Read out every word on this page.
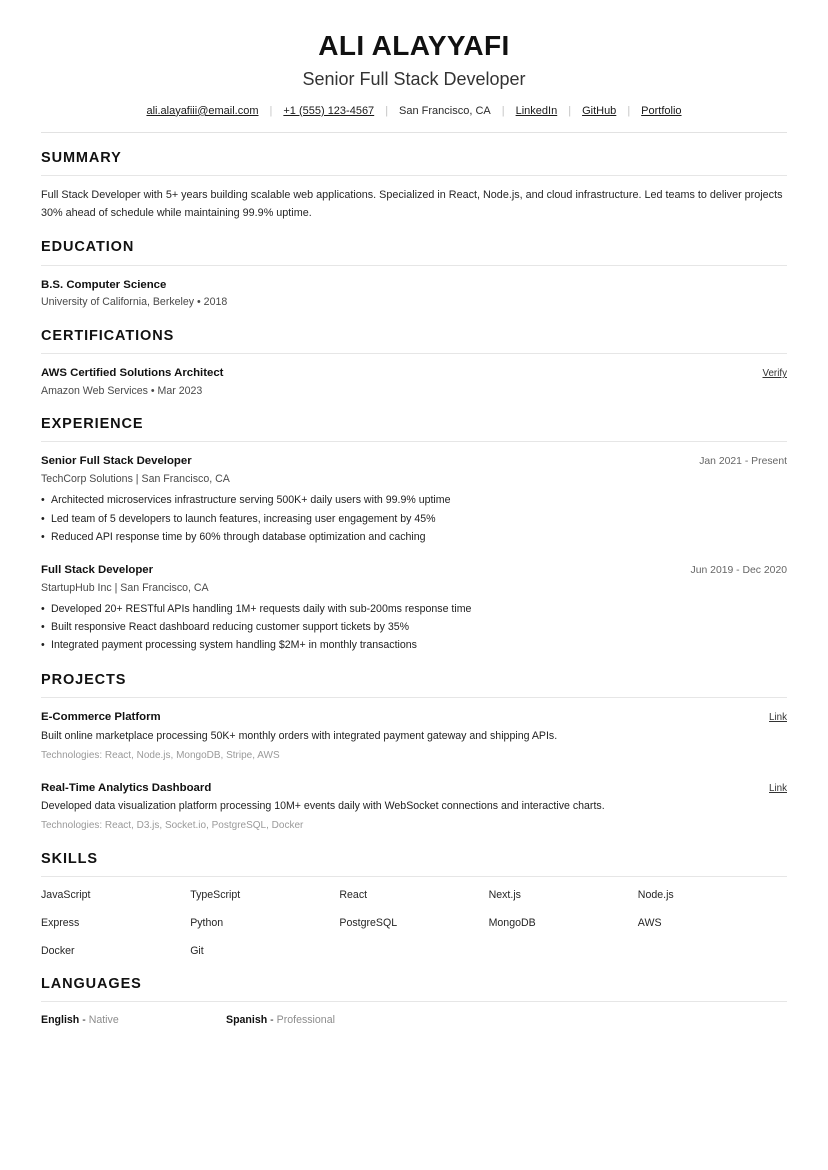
ALI ALAYYAFI
Senior Full Stack Developer
ali.alayafiii@email.com | +1 (555) 123-4567 | San Francisco, CA | LinkedIn | GitHub | Portfolio
SUMMARY

Full Stack Developer with 5+ years building scalable web applications. Specialized in React, Node.js, and cloud infrastructure. Led teams to deliver projects 30% ahead of schedule while maintaining 99.9% uptime.

EDUCATION
B.S. Computer Science
University of California, Berkeley • 2018
CERTIFICATIONS
AWS Certified Solutions Architect	Verify
Amazon Web Services • Mar 2023
EXPERIENCE
Senior Full Stack Developer	Jan 2021 - Present
TechCorp Solutions | San Francisco, CA
• Architected microservices infrastructure serving 500K+ daily users with 99.9% uptime
• Led team of 5 developers to launch features, increasing user engagement by 45%
• Reduced API response time by 60% through database optimization and caching
Full Stack Developer	Jun 2019 - Dec 2020
StartupHub Inc | San Francisco, CA
• Developed 20+ RESTful APIs handling 1M+ requests daily with sub-200ms response time
• Built responsive React dashboard reducing customer support tickets by 35%
• Integrated payment processing system handling $2M+ in monthly transactions
PROJECTS
E-Commerce Platform	Link
Built online marketplace processing 50K+ monthly orders with integrated payment gateway and shipping APIs.
Technologies: React, Node.js, MongoDB, Stripe, AWS
Real-Time Analytics Dashboard	Link
Developed data visualization platform processing 10M+ events daily with WebSocket connections and interactive charts.
Technologies: React, D3.js, Socket.io, PostgreSQL, Docker
SKILLS
JavaScript	TypeScript	React	Next.js	Node.js
Express	Python	PostgreSQL	MongoDB	AWS
Docker	Git
LANGUAGES
English - Native	Spanish - Professional
